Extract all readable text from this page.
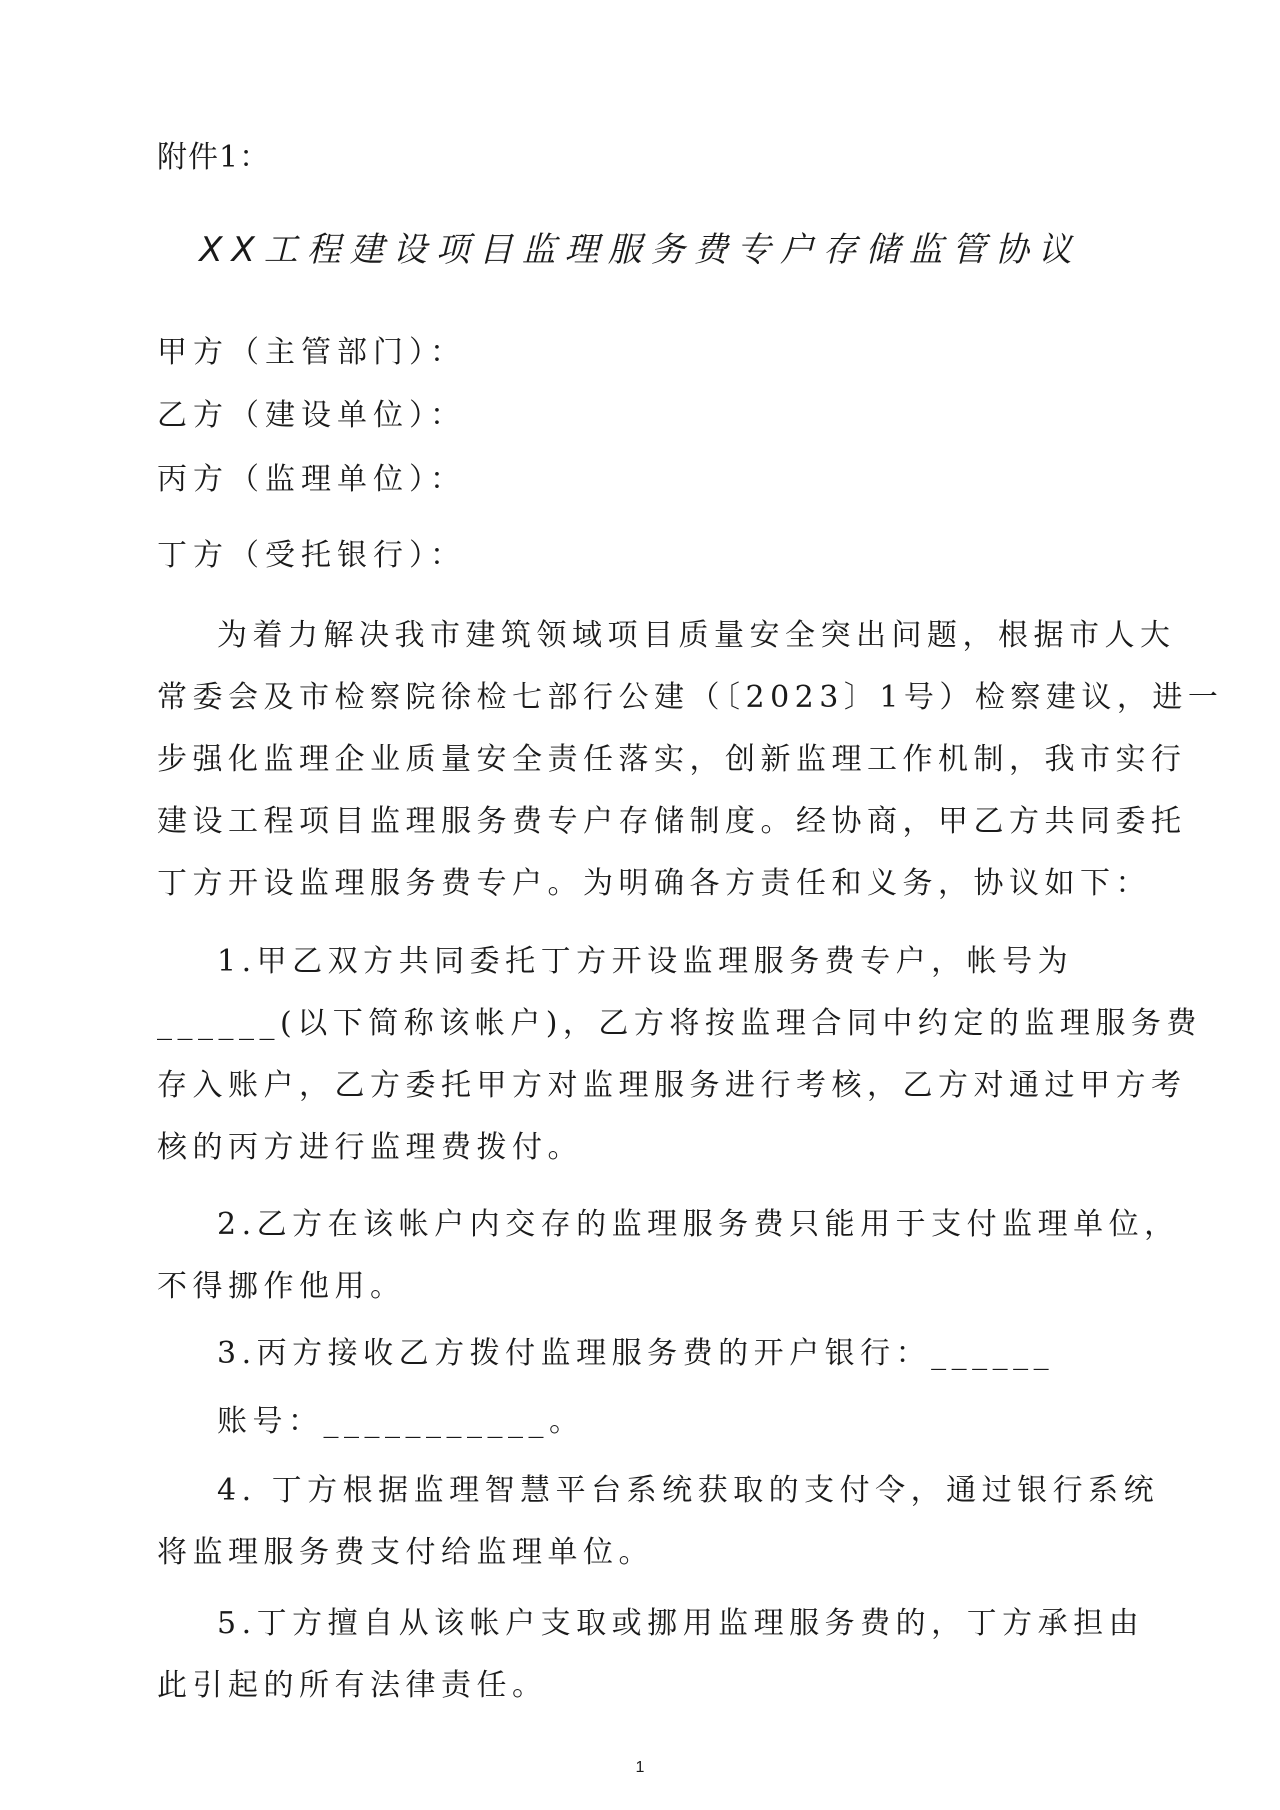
附件1：
XX工程建设项目监理服务费专户存储监管协议
甲方（主管部门）：
乙方（建设单位）：
丙方（监理单位）：
丁方（受托银行）：
为着力解决我市建筑领域项目质量安全突出问题，根据市人大
常委会及市检察院徐检七部行公建（〔2023〕1号）检察建议，进一
步强化监理企业质量安全责任落实，创新监理工作机制，我市实行
建设工程项目监理服务费专户存储制度。经协商，甲乙方共同委托
丁方开设监理服务费专户。为明确各方责任和义务，协议如下：
1.甲乙双方共同委托丁方开设监理服务费专户，帐号为
______(以下简称该帐户)，乙方将按监理合同中约定的监理服务费
存入账户，乙方委托甲方对监理服务进行考核，乙方对通过甲方考
核的丙方进行监理费拨付。
2.乙方在该帐户内交存的监理服务费只能用于支付监理单位，
不得挪作他用。
3.丙方接收乙方拨付监理服务费的开户银行：______
账号：___________。
4. 丁方根据监理智慧平台系统获取的支付令，通过银行系统
将监理服务费支付给监理单位。
5.丁方擅自从该帐户支取或挪用监理服务费的，丁方承担由
此引起的所有法律责任。
1
